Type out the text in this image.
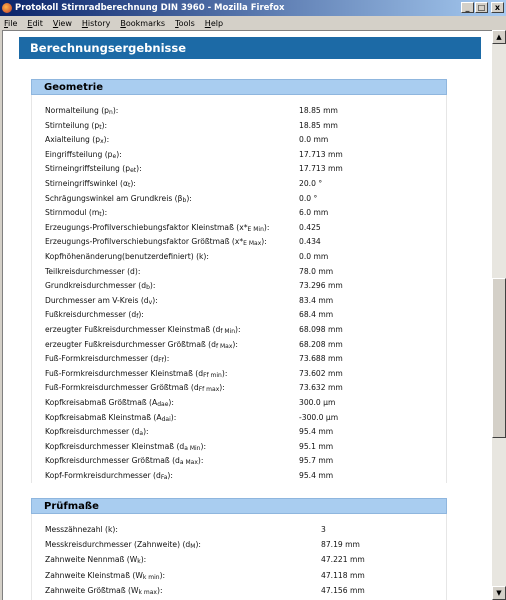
Protokoll Stirnradberechnung DIN 3960 - Mozilla Firefox	_	□	x
File Edit View History Bookmarks Tools Help
Berechnungsergebnisse
Geometrie
Normalteilung $(p_n)$:	18.85 mm
Stirnteilung $(p_t)$:	18.85 mm
Axialteilung $(p_x)$:	0.0 mm
Eingriffsteilung $(p_e)$:	17.713 mm
Stirneingriffsteilung $(p_{et})$:	17.713 mm
Stirneingriffswinkel $(\alpha_t)$:	20.0 °
Schrägungswinkel am Grundkreis $(\beta_b)$:	0.0 °
Stirnmodul $(m_t)$:	6.0 mm
Erzeugungs-Profilverschiebungsfaktor Kleinstmaß $(x*_{E Min})$:	0.425
Erzeugungs-Profilverschiebungsfaktor Größtmaß $(x*_{E Max})$:	0.434
Kopfhöhenänderung(benutzerdefiniert) (k):	0.0 mm
Teilkreisdurchmesser (d):	78.0 mm
Grundkreisdurchmesser $(d_b)$:	73.296 mm
Durchmesser am V-Kreis $(d_v)$:	83.4 mm
Fußkreisdurchmesser $(d_f)$:	68.4 mm
erzeugter Fußkreisdurchmesser Kleinstmaß $(d_{f Min})$:	68.098 mm
erzeugter Fußkreisdurchmesser Größtmaß $(d_{f Max})$:	68.208 mm
Fuß-Formkreisdurchmesser $(d_{Ff})$:	73.688 mm
Fuß-Formkreisdurchmesser Kleinstmaß $(d_{Ff min})$:	73.602 mm
Fuß-Formkreisdurchmesser Größtmaß $(d_{Ff max})$:	73.632 mm
Kopfkreisabmaß Größtmaß $(A_{dae})$:	300.0 µm
Kopfkreisabmaß Kleinstmaß $(A_{dai})$:	-300.0 µm
Kopfkreisdurchmesser $(d_a)$:	95.4 mm
Kopfkreisdurchmesser Kleinstmaß $(d_{a Min})$:	95.1 mm
Kopfkreisdurchmesser Größtmaß $(d_{a Max})$:	95.7 mm
Kopf-Formkreisdurchmesser $(d_{Fa})$:	95.4 mm
Prüfmaße
Messzähnezahl (k):	3
Messkreisdurchmesser (Zahnweite) $(d_M)$:	87.19 mm
Zahnweite Nennmaß $(W_k)$:	47.221 mm
Zahnweite Kleinstmaß $(W_{k min})$:	47.118 mm
Zahnweite Größtmaß $(W_{k max})$:	47.156 mm
▲
▼
